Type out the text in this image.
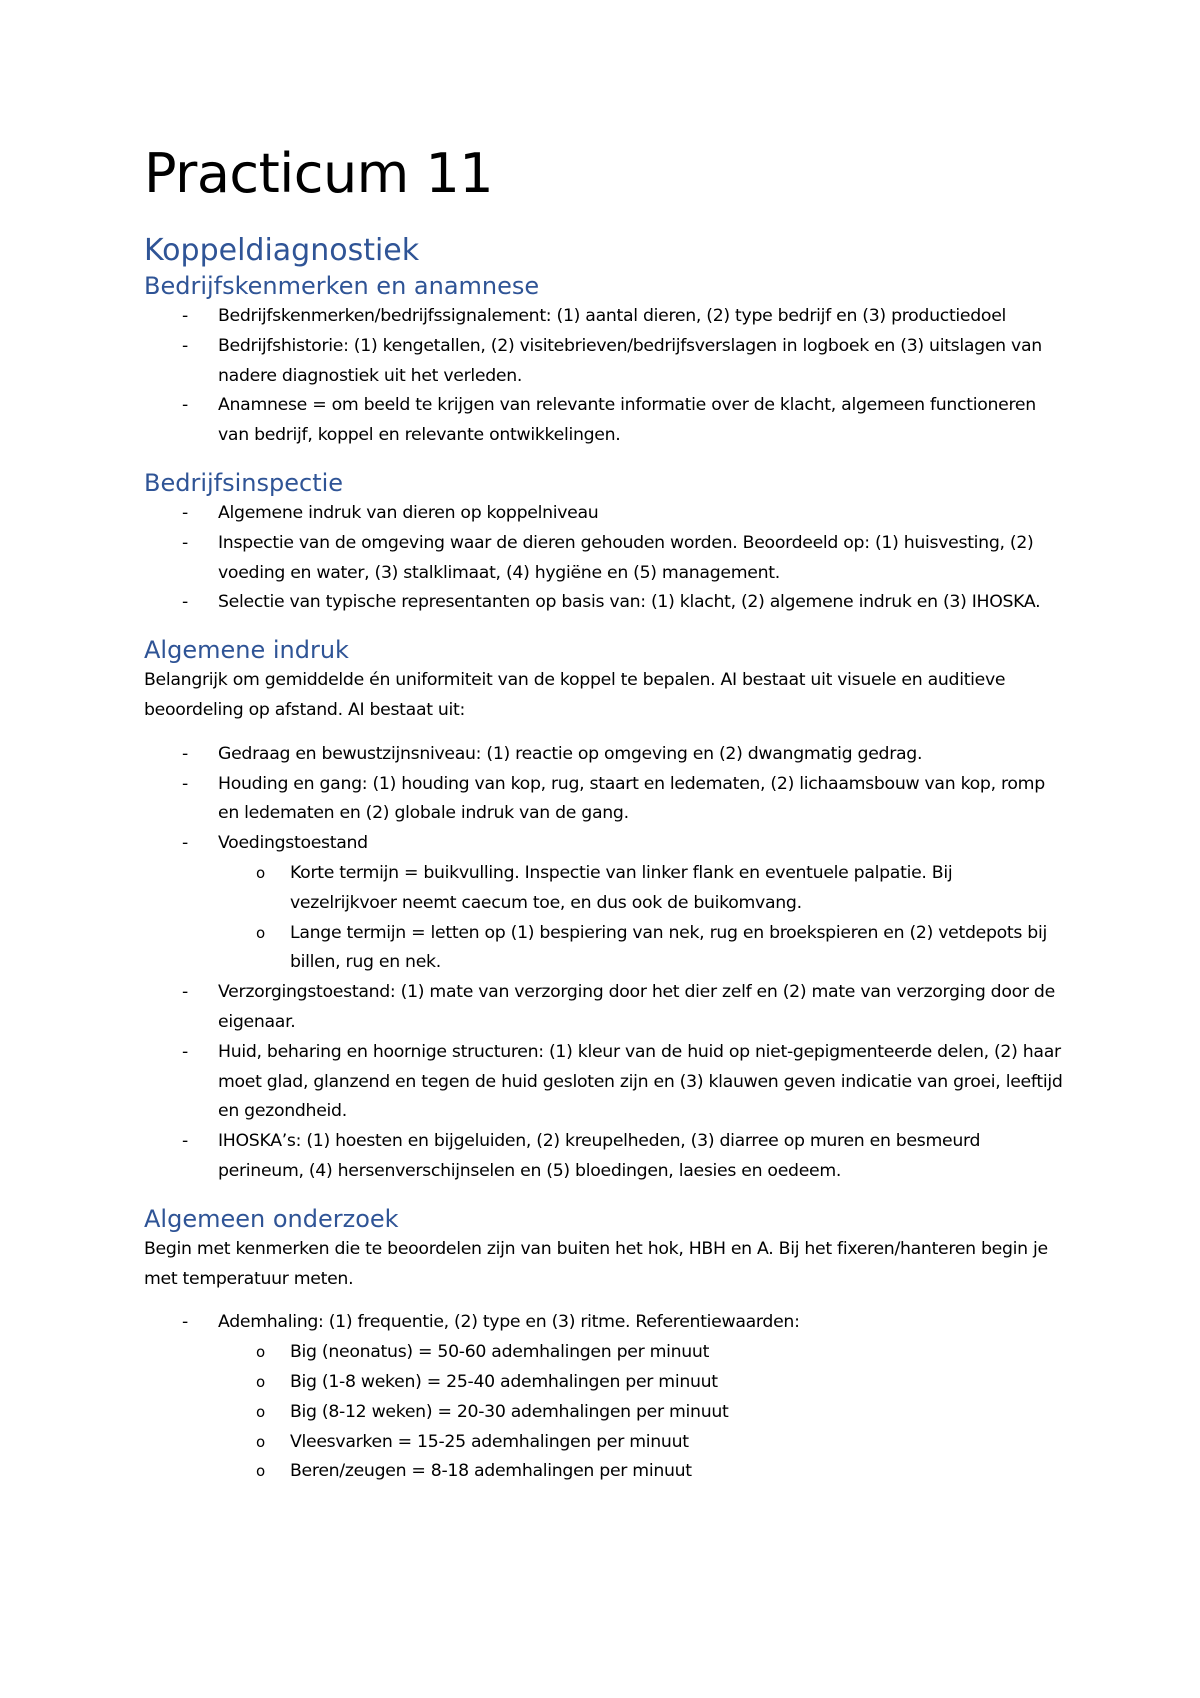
Practicum 11
Koppeldiagnostiek
Bedrijfskenmerken en anamnese
- Bedrijfskenmerken/bedrijfssignalement: (1) aantal dieren, (2) type bedrijf en (3) productiedoel
- Bedrijfshistorie: (1) kengetallen, (2) visitebrieven/bedrijfsverslagen in logboek en (3) uitslagen van nadere diagnostiek uit het verleden.
- Anamnese = om beeld te krijgen van relevante informatie over de klacht, algemeen functioneren van bedrijf, koppel en relevante ontwikkelingen.
Bedrijfsinspectie
- Algemene indruk van dieren op koppelniveau
- Inspectie van de omgeving waar de dieren gehouden worden. Beoordeeld op: (1) huisvesting, (2) voeding en water, (3) stalklimaat, (4) hygiëne en (5) management.
- Selectie van typische representanten op basis van: (1) klacht, (2) algemene indruk en (3) IHOSKA.
Algemene indruk

Belangrijk om gemiddelde én uniformiteit van de koppel te bepalen. AI bestaat uit visuele en auditieve beoordeling op afstand. AI bestaat uit:

- Gedraag en bewustzijnsniveau: (1) reactie op omgeving en (2) dwangmatig gedrag.
- Houding en gang: (1) houding van kop, rug, staart en ledematen, (2) lichaamsbouw van kop, romp en ledematen en (2) globale indruk van de gang.
- Voedingstoestand
o Korte termijn = buikvulling. Inspectie van linker flank en eventuele palpatie. Bij vezelrijkvoer neemt caecum toe, en dus ook de buikomvang.
o Lange termijn = letten op (1) bespiering van nek, rug en broekspieren en (2) vetdepots bij billen, rug en nek.
- Verzorgingstoestand: (1) mate van verzorging door het dier zelf en (2) mate van verzorging door de eigenaar.
- Huid, beharing en hoornige structuren: (1) kleur van de huid op niet-gepigmenteerde delen, (2) haar moet glad, glanzend en tegen de huid gesloten zijn en (3) klauwen geven indicatie van groei, leeftijd en gezondheid.
- IHOSKA’s: (1) hoesten en bijgeluiden, (2) kreupelheden, (3) diarree op muren en besmeurd perineum, (4) hersenverschijnselen en (5) bloedingen, laesies en oedeem.
Algemeen onderzoek

Begin met kenmerken die te beoordelen zijn van buiten het hok, HBH en A. Bij het fixeren/hanteren begin je met temperatuur meten.

- Ademhaling: (1) frequentie, (2) type en (3) ritme. Referentiewaarden:
o Big (neonatus) = 50-60 ademhalingen per minuut
o Big (1-8 weken) = 25-40 ademhalingen per minuut
o Big (8-12 weken) = 20-30 ademhalingen per minuut
o Vleesvarken = 15-25 ademhalingen per minuut
o Beren/zeugen = 8-18 ademhalingen per minuut
